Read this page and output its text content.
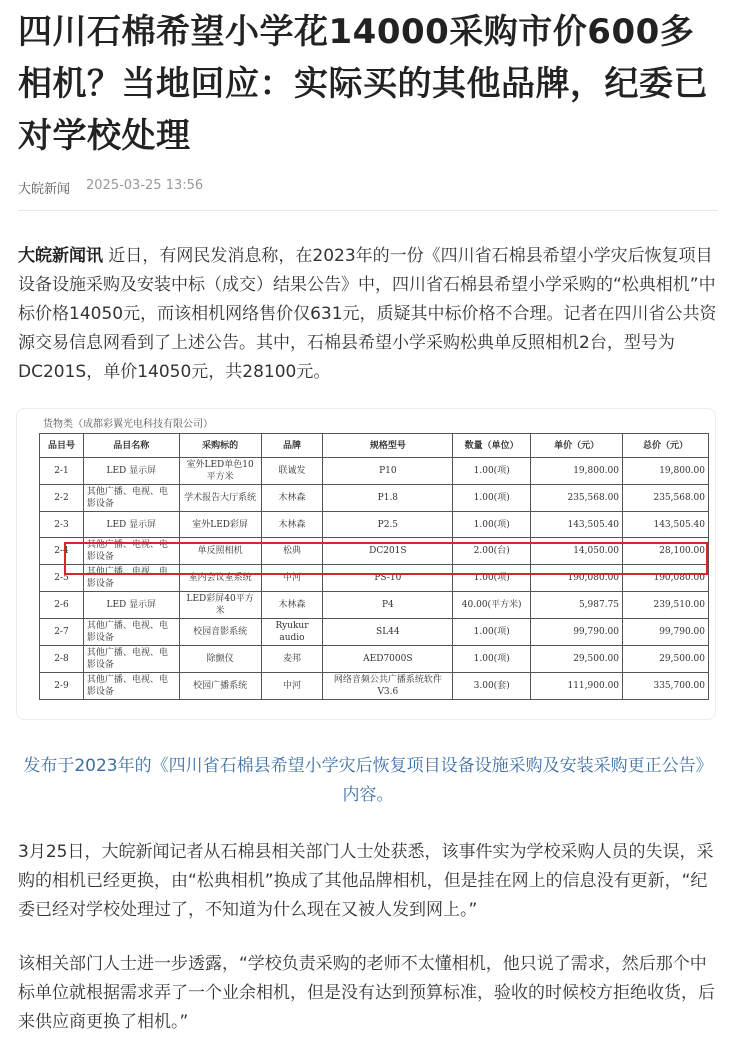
四川石棉希望小学花14000采购市价600多相机？当地回应：实际买的其他品牌，纪委已对学校处理
大皖新闻 2025-03-25 13:56

大皖新闻讯 近日，有网民发消息称，在2023年的一份《四川省石棉县希望小学灾后恢复项目设备设施采购及安装中标（成交）结果公告》中，四川省石棉县希望小学采购的“松典相机”中标价格14050元，而该相机网络售价仅631元，质疑其中标价格不合理。记者在四川省公共资源交易信息网看到了上述公告。其中，石棉县希望小学采购松典单反照相机2台，型号为DC201S，单价14050元，共28100元。

货物类（成都彩翼光电科技有限公司）
品目号	品目名称	采购标的	品牌	规格型号	数量（单位）	单价（元）	总价（元）
2-1	LED 显示屏	室外LED单色10平方米	联诚发	P10	1.00(项)	19,800.00	19,800.00
2-2	其他广播、电视、电影设备	学术报告大厅系统	木林森	P1.8	1.00(项)	235,568.00	235,568.00
2-3	LED 显示屏	室外LED彩屏	木林森	P2.5	1.00(项)	143,505.40	143,505.40
2-4	其他广播、电视、电影设备	单反照相机	松典	DC201S	2.00(台)	14,050.00	28,100.00
2-5	其他广播、电视、电影设备	室内会议室系统	中河	PS-10	1.00(项)	190,080.00	190,080.00
2-6	LED 显示屏	LED彩屏40平方米	木林森	P4	40.00(平方米)	5,987.75	239,510.00
2-7	其他广播、电视、电影设备	校园音影系统	Ryukur audio	SL44	1.00(项)	99,790.00	99,790.00
2-8	其他广播、电视、电影设备	除颤仪	麦邦	AED7000S	1.00(项)	29,500.00	29,500.00
2-9	其他广播、电视、电影设备	校园广播系统	中河	网络音频公共广播系统软件V3.6	3.00(套)	111,900.00	335,700.00

发布于2023年的《四川省石棉县希望小学灾后恢复项目设备设施采购及安装采购更正公告》内容。

3月25日，大皖新闻记者从石棉县相关部门人士处获悉，该事件实为学校采购人员的失误，采购的相机已经更换，由“松典相机”换成了其他品牌相机，但是挂在网上的信息没有更新，“纪委已经对学校处理过了，不知道为什么现在又被人发到网上。”

该相关部门人士进一步透露，“学校负责采购的老师不太懂相机，他只说了需求，然后那个中标单位就根据需求弄了一个业余相机，但是没有达到预算标准，验收的时候校方拒绝收货，后来供应商更换了相机。”
